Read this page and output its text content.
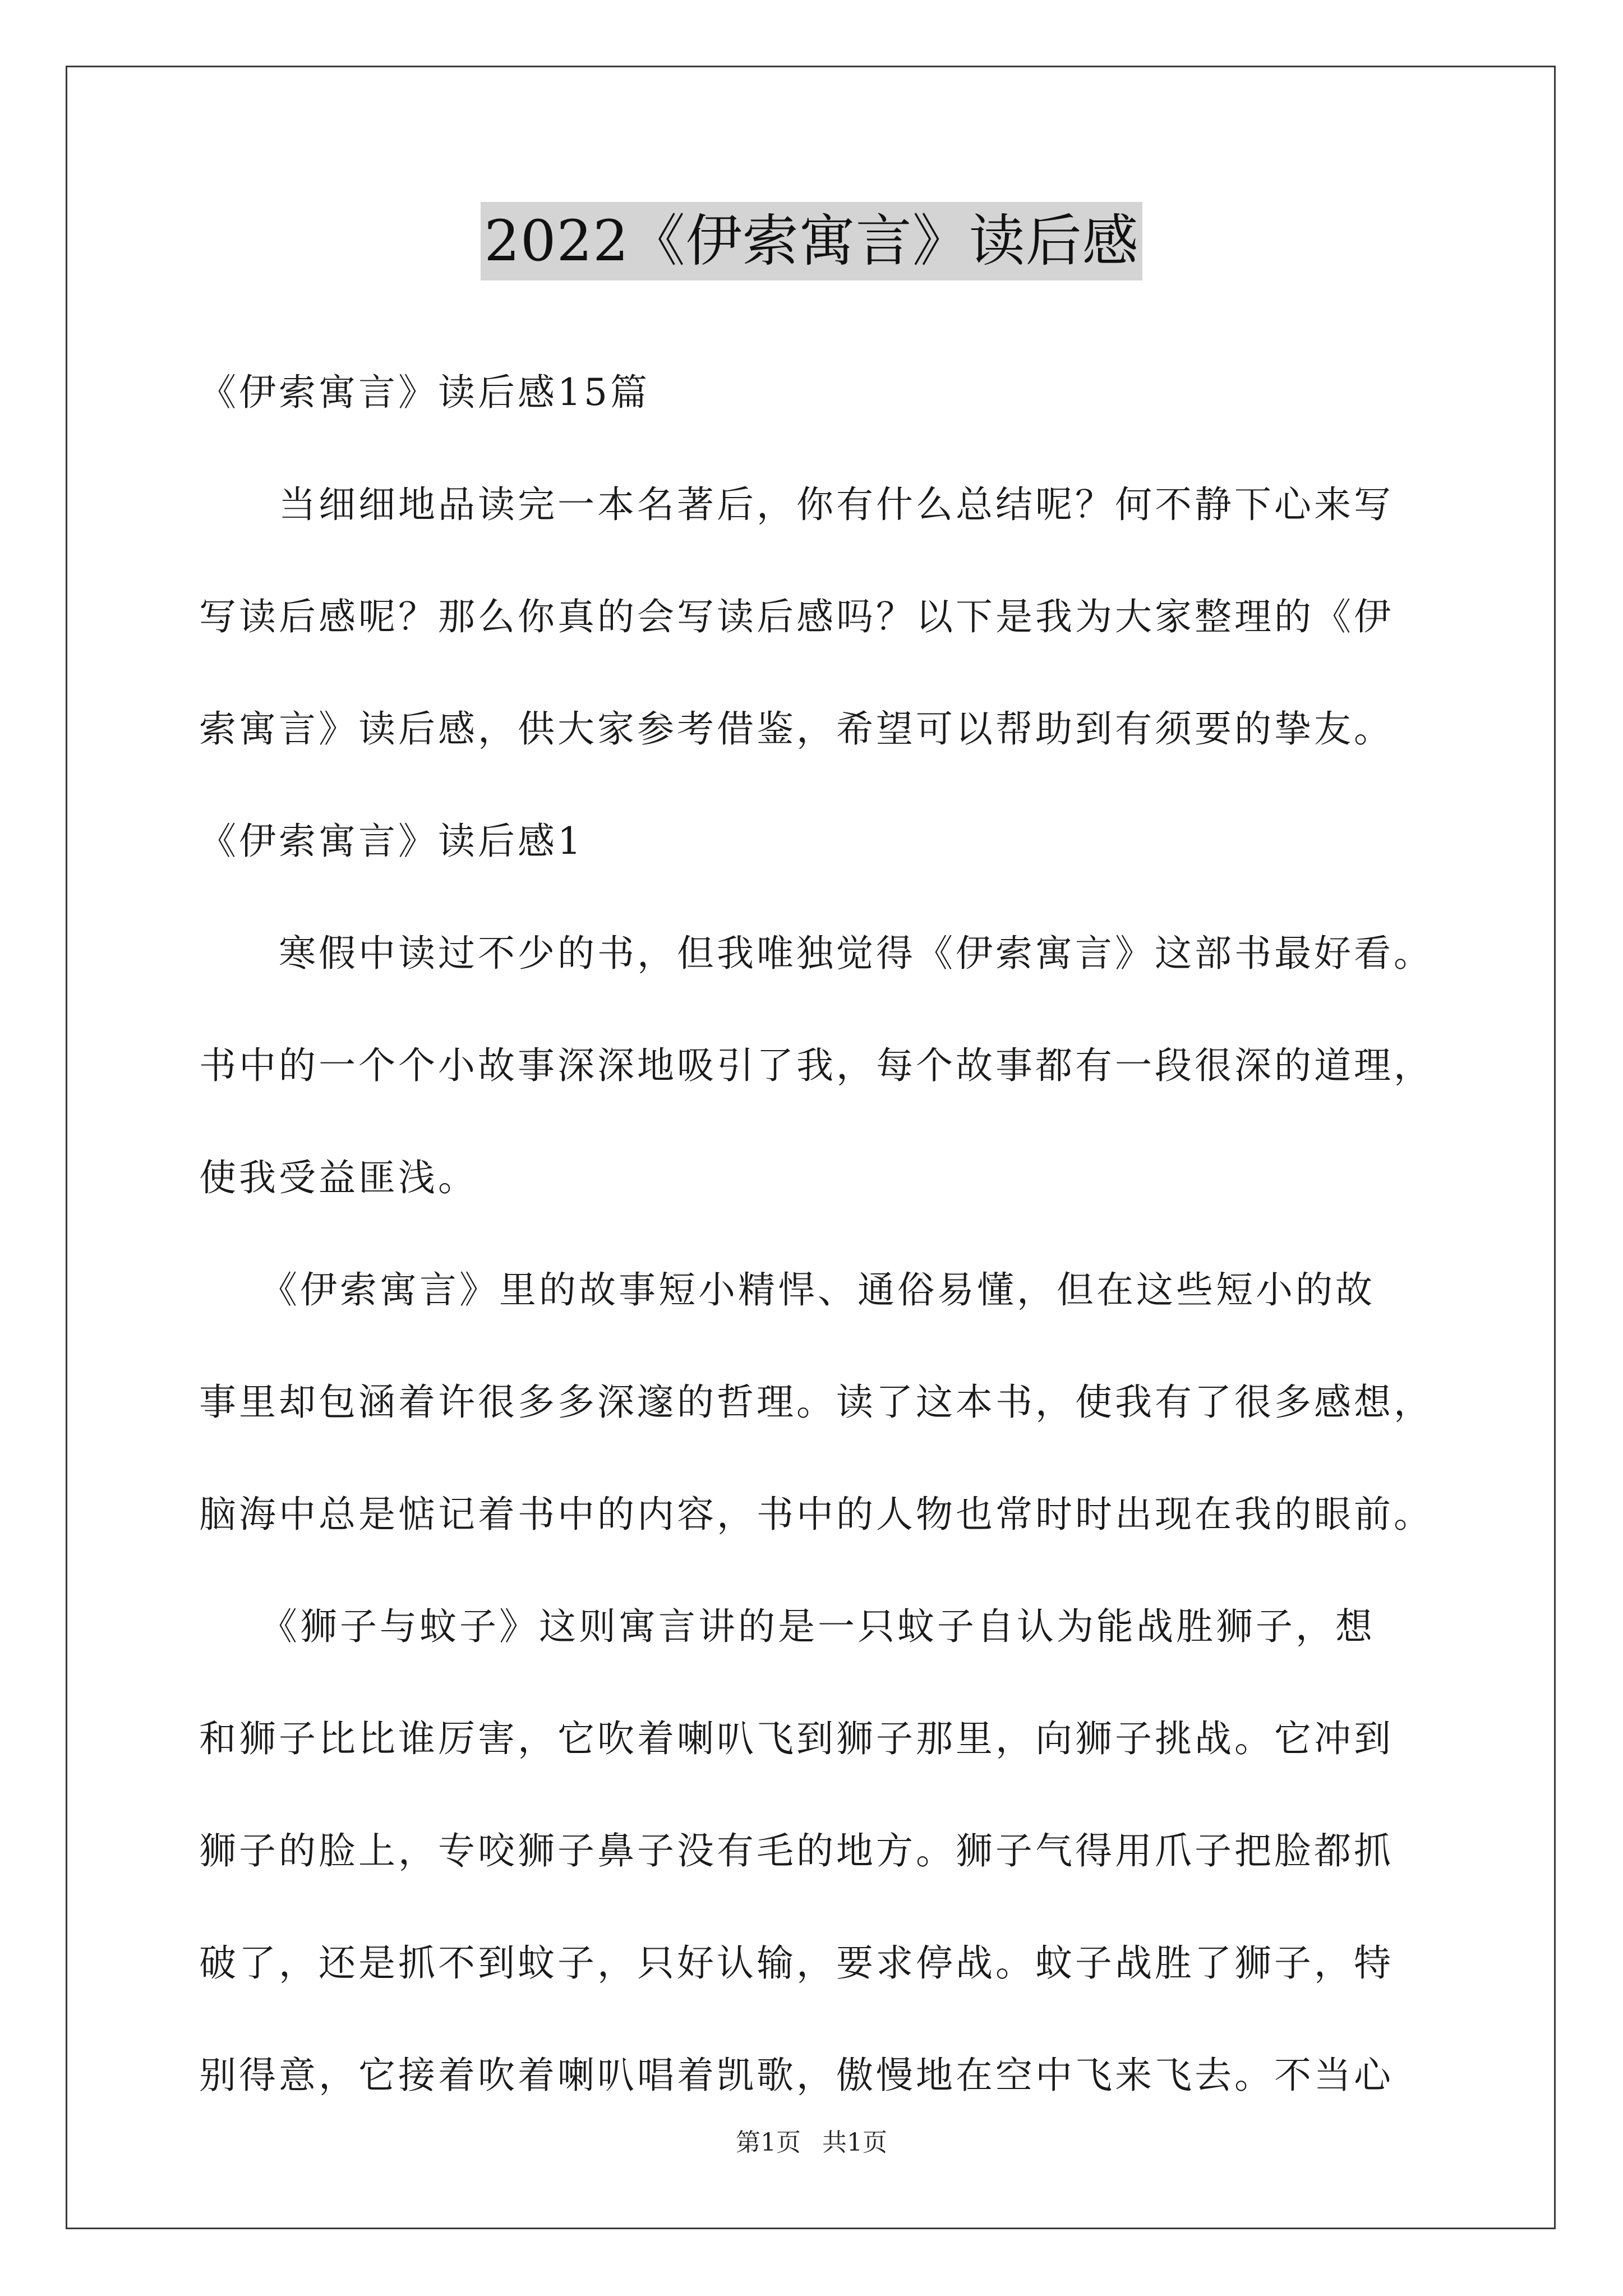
2022《伊索寓言》读后感
《伊索寓言》读后感15篇
　　当细细地品读完一本名著后，你有什么总结呢？何不静下心来写
写读后感呢？那么你真的会写读后感吗？以下是我为大家整理的《伊
索寓言》读后感，供大家参考借鉴，希望可以帮助到有须要的挚友。
《伊索寓言》读后感1
　　寒假中读过不少的书，但我唯独觉得《伊索寓言》这部书最好看。
书中的一个个小故事深深地吸引了我，每个故事都有一段很深的道理，
使我受益匪浅。
　　《伊索寓言》里的故事短小精悍、通俗易懂，但在这些短小的故
事里却包涵着许很多多深邃的哲理。读了这本书，使我有了很多感想，
脑海中总是惦记着书中的内容，书中的人物也常时时出现在我的眼前。
　　《狮子与蚊子》这则寓言讲的是一只蚊子自认为能战胜狮子，想
和狮子比比谁厉害，它吹着喇叭飞到狮子那里，向狮子挑战。它冲到
狮子的脸上，专咬狮子鼻子没有毛的地方。狮子气得用爪子把脸都抓
破了，还是抓不到蚊子，只好认输，要求停战。蚊子战胜了狮子，特
别得意，它接着吹着喇叭唱着凯歌，傲慢地在空中飞来飞去。不当心
第1页 共1页
